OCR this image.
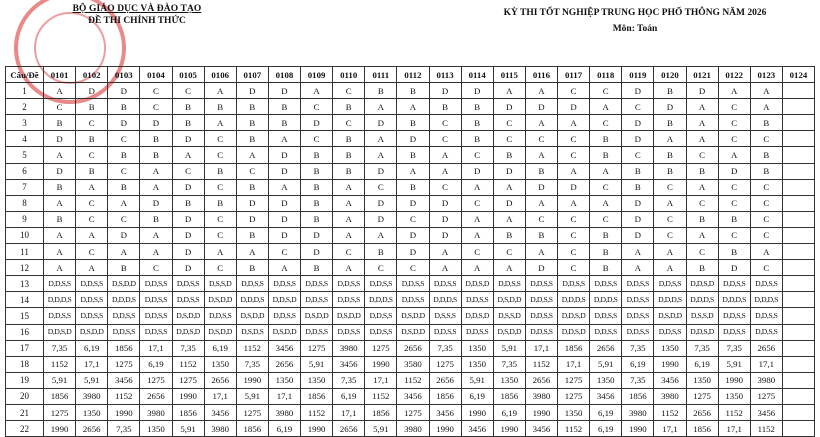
BỘ GIÁO DỤC VÀ ĐÀO TẠO
ĐỀ THI CHÍNH THỨC
KỲ THI TỐT NGHIỆP TRUNG HỌC PHỔ THÔNG NĂM 2026
Môn: Toán
Câu/Đề	0101	0102	0103	0104	0105	0106	0107	0108	0109	0110	0111	0112	0113	0114	0115	0116	0117	0118	0119	0120	0121	0122	0123	0124
1	A	D	D	C	C	A	D	D	A	C	B	B	D	D	A	A	C	C	D	B	D	A	A	
2	C	B	B	C	B	B	B	B	C	B	A	A	B	B	D	D	D	A	C	D	A	C	A	
3	B	C	D	D	B	A	B	B	D	C	D	B	C	B	C	A	A	C	D	B	A	C	B	
4	D	B	C	B	D	C	B	A	C	B	A	D	C	B	C	C	C	B	D	A	A	C	C	
5	A	C	B	B	A	C	A	D	B	B	A	B	A	C	B	A	C	B	C	B	C	A	B	
6	D	B	C	A	C	B	C	D	B	B	D	A	A	D	D	B	A	A	B	B	B	D	B	
7	B	A	B	A	D	C	B	A	B	A	C	B	C	A	A	D	D	C	B	C	A	C	C	
8	A	C	A	D	B	B	D	D	B	A	D	D	D	C	D	A	A	A	D	A	C	C	C	
9	B	C	C	B	D	C	D	D	B	A	D	C	D	A	A	C	C	C	D	C	B	B	C	
10	A	A	D	A	D	C	B	D	D	A	A	D	D	A	B	B	C	B	D	C	A	C	C	
11	A	C	A	A	D	A	A	C	D	C	B	D	A	C	C	A	C	B	A	A	C	B	A	
12	A	A	B	C	D	C	B	A	B	A	C	C	A	A	A	D	C	B	A	A	B	D	C	
13	D,D,S,S	D,D,S,S	D,S,D,D	D,D,S,S	D,D,S,S	D,S,S,D	D,D,S,S	D,D,S,S	D,D,S,S	D,D,S,S	D,D,S,S	D,D,S,S	D,D,S,S	D,D,S,D	D,D,S,S	D,D,S,S	D,D,S,S	D,D,S,S	D,D,S,S	D,D,S,S	D,D,S,D	D,D,S,S	D,D,S,S	
14	D,D,D,S	D,D,S,S	D,D,D,S	D,D,S,S	D,D,S,S	D,S,D,D	D,D,D,S	D,D,S,D	D,D,S,S	D,D,S,S	D,D,D,S	D,D,S,S	D,D,D,S	D,D,S,S	D,S,D,D	D,D,S,S	D,D,D,S	D,D,D,S	D,D,S,S	D,D,D,S	D,D,D,S	D,D,D,S	D,D,D,S	
15	D,D,S,S	D,D,S,S	D,D,S,S	D,D,S,S	D,S,D,D	D,D,S,S	D,S,D,D	D,D,S,S	D,S,D,D	D,S,D,D	D,D,S,S	D,S,D,D	D,S,S,S	D,D,S,D	D,S,S,D	D,D,S,S	D,D,S,D	D,D,S,S	D,D,S,S	D,S,D,D	D,S,S,D	D,D,S,S	D,D,S,S	
16	D,D,S,D	D,S,D,D	D,D,S,S	D,D,S,S	D,D,S,D	D,S,D,D	D,S,D,S	D,S,D,D	D,D,S,S	D,D,S,S	D,D,S,S	D,S,D,D	D,D,S,S	D,D,S,S	D,S,D,D	D,D,S,S	D,D,S,D	D,D,S,S	D,D,S,S	D,D,S,S	D,D,S,D	D,D,S,S	D,D,S,S	
17	7,35	6,19	1856	17,1	7,35	6,19	1152	3456	1275	3980	1275	2656	7,35	1350	5,91	17,1	1856	2656	7,35	1350	7,35	7,35	2656	
18	1152	17,1	1275	6,19	1152	1350	7,35	2656	5,91	3456	1990	3580	1275	1350	7,35	1152	17,1	5,91	6,19	1990	6,19	5,91	17,1	
19	5,91	5,91	3456	1275	1275	2656	1990	1350	1350	7,35	17,1	1152	2656	5,91	1350	2656	1275	1350	7,35	3456	1350	1990	3980	
20	1856	3980	1152	2656	1990	17,1	5,91	17,1	1856	6,19	1152	3456	1856	6,19	1856	3980	1275	3456	1856	3980	1275	1350	1275	
21	1275	1350	1990	3980	1856	3456	1275	3980	1152	17,1	1856	1275	3456	1990	6,19	1990	1350	6,19	3980	1152	2656	1152	3456	
22	1990	2656	7,35	1350	5,91	3980	1856	6,19	1990	2656	5,91	3980	1990	3456	1990	3456	1152	6,19	1990	17,1	1856	17,1	1152	
